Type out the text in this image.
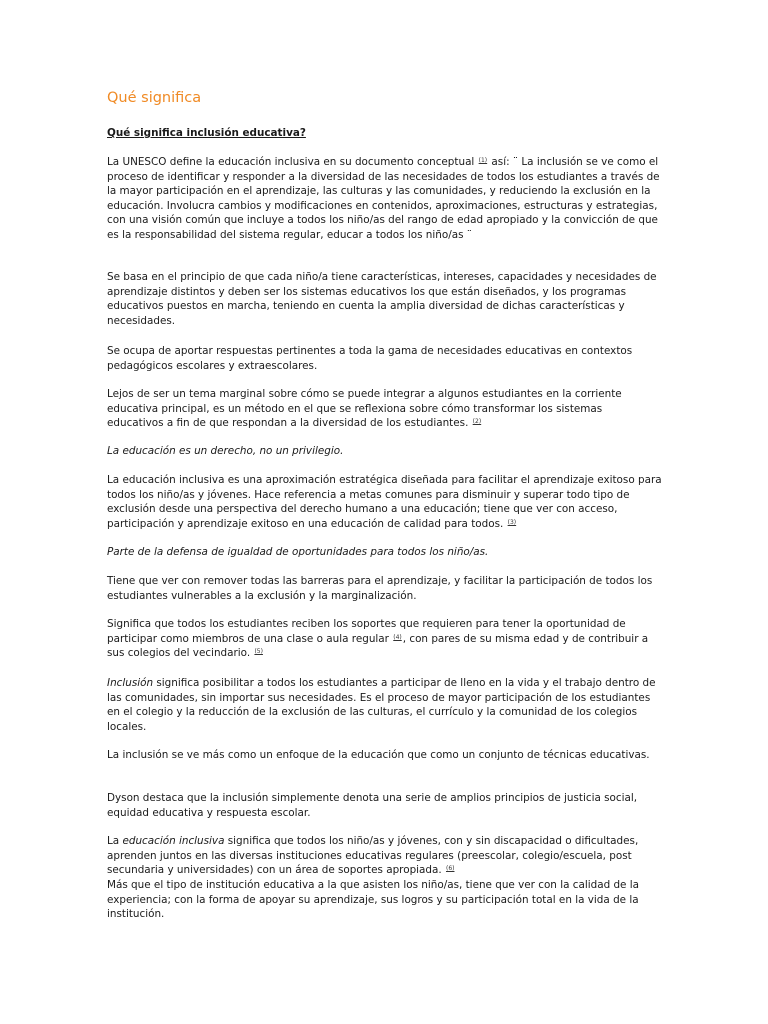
Qué significa
Qué significa inclusión educativa?

La UNESCO define la educación inclusiva en su documento conceptual (1) así: ¨ La inclusión se ve como el proceso de identificar y responder a la diversidad de las necesidades de todos los estudiantes a través de la mayor participación en el aprendizaje, las culturas y las comunidades, y reduciendo la exclusión en la educación. Involucra cambios y modificaciones en contenidos, aproximaciones, estructuras y estrategias, con una visión común que incluye a todos los niño/as del rango de edad apropiado y la convicción de que es la responsabilidad del sistema regular, educar a todos los niño/as ¨

Se basa en el principio de que cada niño/a tiene características, intereses, capacidades y necesidades de aprendizaje distintos y deben ser los sistemas educativos los que están diseñados, y los programas educativos puestos en marcha, teniendo en cuenta la amplia diversidad de dichas características y necesidades.

Se ocupa de aportar respuestas pertinentes a toda la gama de necesidades educativas en contextos pedagógicos escolares y extraescolares.

Lejos de ser un tema marginal sobre cómo se puede integrar a algunos estudiantes en la corriente educativa principal, es un método en el que se reflexiona sobre cómo transformar los sistemas educativos a fin de que respondan a la diversidad de los estudiantes. (2)

La educación es un derecho, no un privilegio.

La educación inclusiva es una aproximación estratégica diseñada para facilitar el aprendizaje exitoso para todos los niño/as y jóvenes. Hace referencia a metas comunes para disminuir y superar todo tipo de exclusión desde una perspectiva del derecho humano a una educación; tiene que ver con acceso, participación y aprendizaje exitoso en una educación de calidad para todos. (3)

Parte de la defensa de igualdad de oportunidades para todos los niño/as.

Tiene que ver con remover todas las barreras para el aprendizaje, y facilitar la participación de todos los estudiantes vulnerables a la exclusión y la marginalización.

Significa que todos los estudiantes reciben los soportes que requieren para tener la oportunidad de participar como miembros de una clase o aula regular (4), con pares de su misma edad y de contribuir a sus colegios del vecindario. (5)

Inclusión significa posibilitar a todos los estudiantes a participar de lleno en la vida y el trabajo dentro de las comunidades, sin importar sus necesidades. Es el proceso de mayor participación de los estudiantes en el colegio y la reducción de la exclusión de las culturas, el currículo y la comunidad de los colegios locales.

La inclusión se ve más como un enfoque de la educación que como un conjunto de técnicas educativas.

Dyson destaca que la inclusión simplemente denota una serie de amplios principios de justicia social, equidad educativa y respuesta escolar.

La educación inclusiva significa que todos los niño/as y jóvenes, con y sin discapacidad o dificultades, aprenden juntos en las diversas instituciones educativas regulares (preescolar, colegio/escuela, post secundaria y universidades) con un área de soportes apropiada. (6)

Más que el tipo de institución educativa a la que asisten los niño/as, tiene que ver con la calidad de la experiencia; con la forma de apoyar su aprendizaje, sus logros y su participación total en la vida de la institución.
